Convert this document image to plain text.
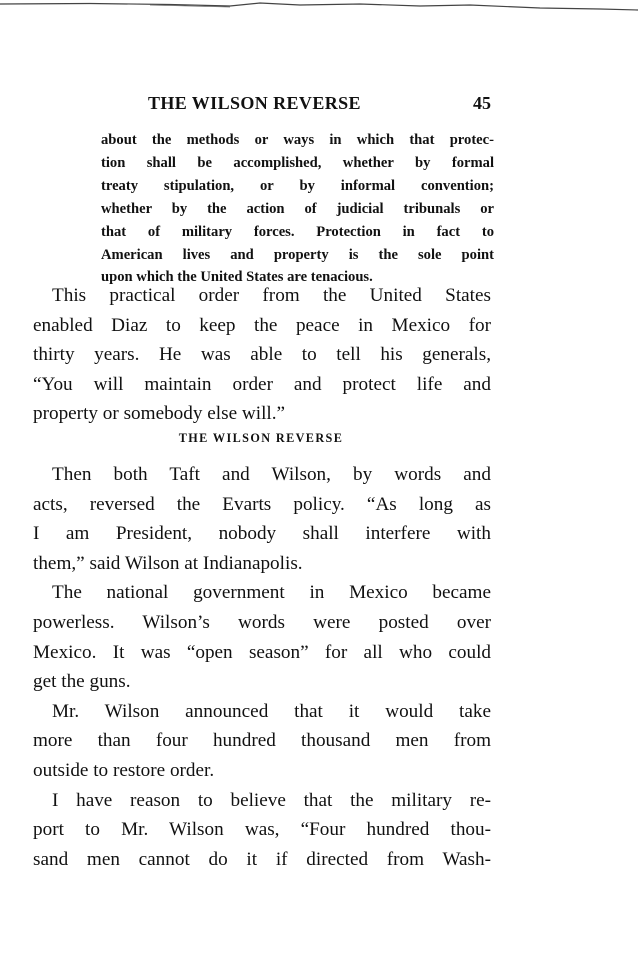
THE WILSON REVERSE	45
about the methods or ways in which that protec-
tion shall be accomplished, whether by formal
treaty stipulation, or by informal convention;
whether by the action of judicial tribunals or
that of military forces. Protection in fact to
American lives and property is the sole point
upon which the United States are tenacious.
This practical order from the United States
enabled Diaz to keep the peace in Mexico for
thirty years. He was able to tell his generals,
“You will maintain order and protect life and
property or somebody else will.”
THE WILSON REVERSE
Then both Taft and Wilson, by words and
acts, reversed the Evarts policy. “As long as
I am President, nobody shall interfere with
them,” said Wilson at Indianapolis.
The national government in Mexico became
powerless. Wilson’s words were posted over
Mexico. It was “open season” for all who could
get the guns.
Mr. Wilson announced that it would take
more than four hundred thousand men from
outside to restore order.
I have reason to believe that the military re-
port to Mr. Wilson was, “Four hundred thou-
sand men cannot do it if directed from Wash-
